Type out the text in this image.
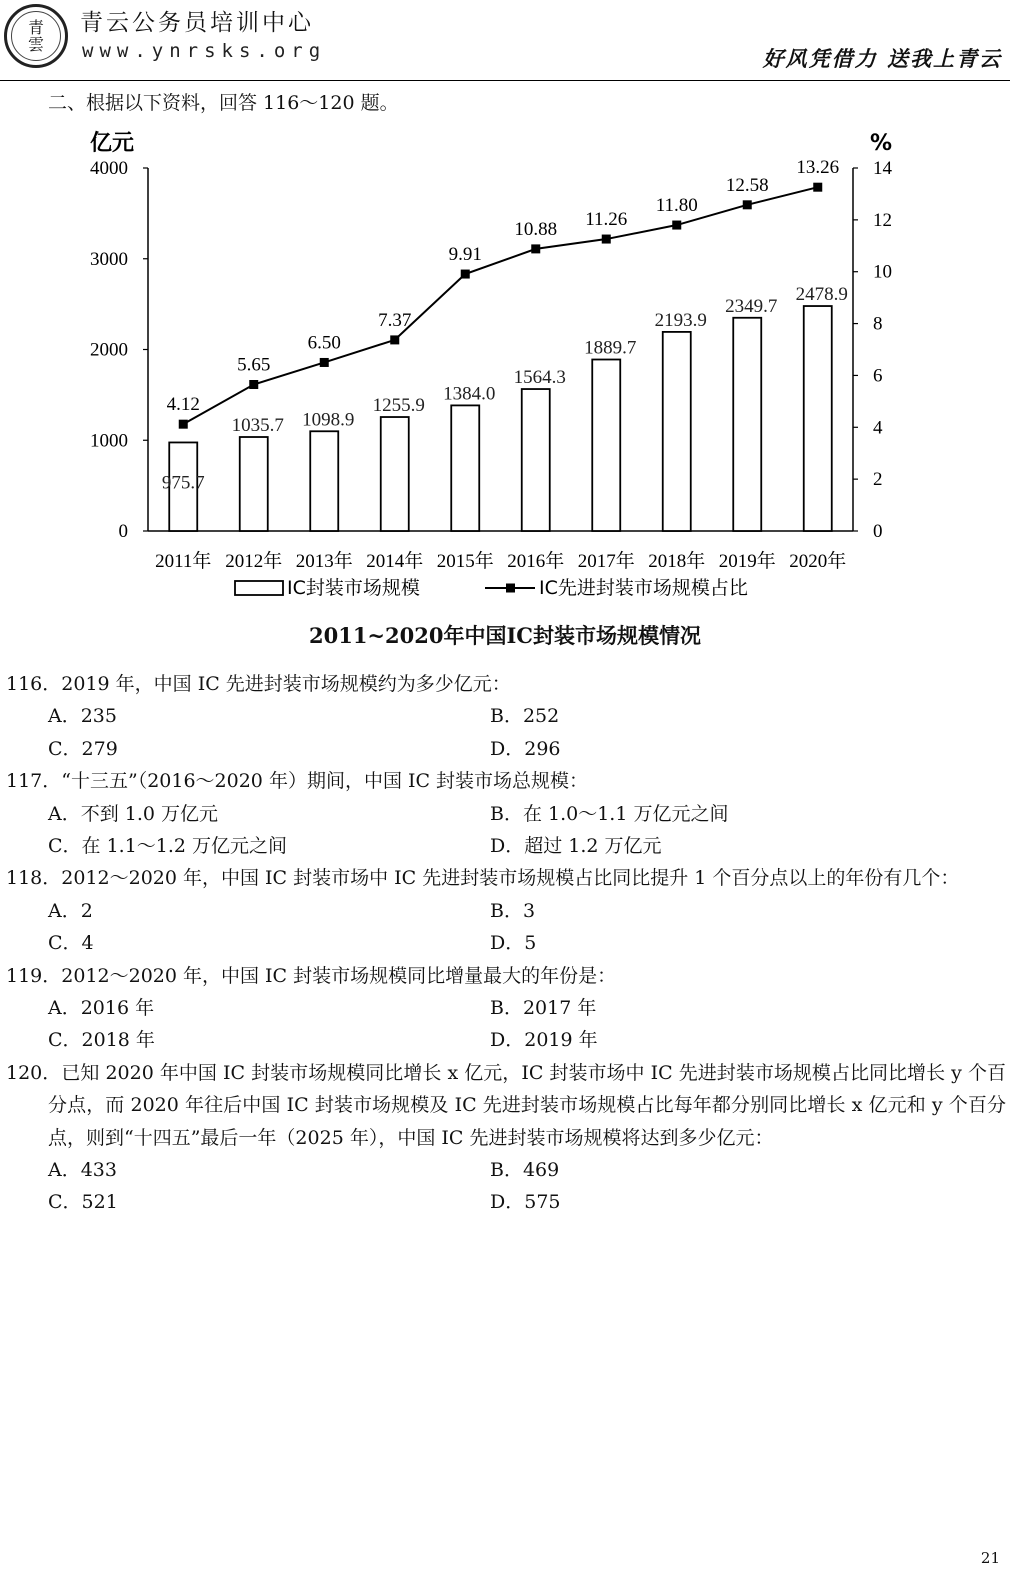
青
雲
青云公务员培训中心
www.ynrsks.org	好风凭借力 送我上青云
二、根据以下资料，回答 116～120 题。
0
1000
2000
3000
4000
0
2
4
6
8
10
12
14
亿元	%
975.7
1035.7 1098.9
1255.9
1384.0
1564.3
1889.7
2193.9
2349.7
2478.9
4.12
5.65
6.50
7.37
9.91
10.88 11.26
11.80
12.58
13.26
2011年 2012年 2013年 2014年 2015年 2016年 2017年 2018年 2019年 2020年
IC封装市场规模	IC先进封装市场规模占比
2011~2020年中国IC封装市场规模情况
116．2019 年，中国 IC 先进封装市场规模约为多少亿元：
A．235	B．252
C．279	D．296
117．“十三五”（2016～2020 年）期间，中国 IC 封装市场总规模：
A．不到 1.0 万亿元	B．在 1.0～1.1 万亿元之间
C．在 1.1～1.2 万亿元之间	D．超过 1.2 万亿元
118．2012～2020 年，中国 IC 封装市场中 IC 先进封装市场规模占比同比提升 1 个百分点以上的年份有几个：
A．2	B．3
C．4	D．5
119．2012～2020 年，中国 IC 封装市场规模同比增量最大的年份是：
A．2016 年	B．2017 年
C．2018 年	D．2019 年
120．已知 2020 年中国 IC 封装市场规模同比增长 x 亿元，IC 封装市场中 IC 先进封装市场规模占比同比增长 y 个百分点，而 2020 年往后中国 IC 封装市场规模及 IC 先进封装市场规模占比每年都分别同比增长 x 亿元和 y 个百分点，则到“十四五”最后一年（2025 年），中国 IC 先进封装市场规模将达到多少亿元：
A．433	B．469
C．521	D．575
21
